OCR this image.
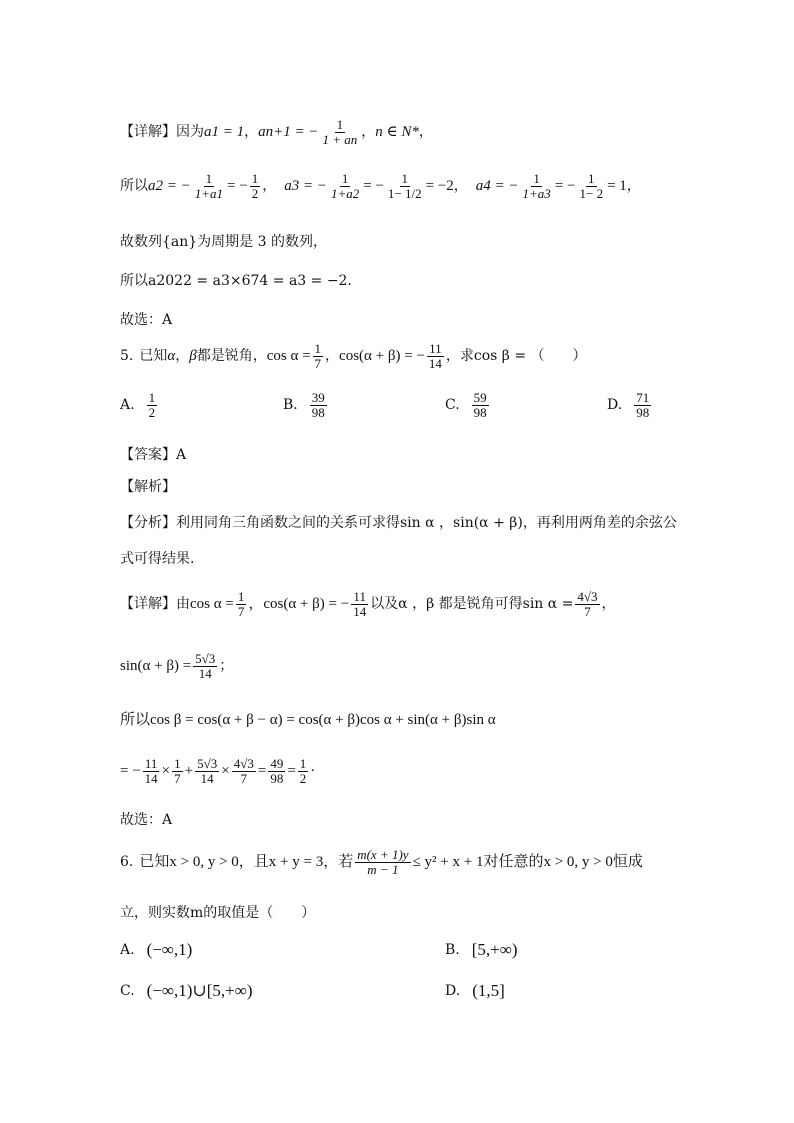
【详解】 因为 a1 = 1 ， an+1 = − $\frac{1}{1 + an}$ ， n ∈ N* ，
所以 a2 = − $\frac{1}{1+a1}$ = − $\frac{1}{2}$ ， a3 = − $\frac{1}{1+a2}$ = − $\frac{1}{1- 1/2} = -2$ ， a4 = − $\frac{1}{1+a3}$ = − $\frac{1}{1- 2} = 1$ ，
故数列{an}为周期是 3 的数列，
所以a2022 = a3×674 = a3 = −2．
故选：A
5. 已知 α ， β 都是锐角， $\cos \alpha = \frac{1}{7}$ ， cos(α + β) = − $\frac{11}{14}$ ，求cos β = （　　）
A. $\frac{1}{2}$	B. $\frac{39}{98}$	C. $\frac{59}{98}$	D. $\frac{71}{98}$
【答案】A
【解析】
【分析】利用同角三角函数之间的关系可求得sin α ，sin(α + β)，再利用两角差的余弦公
式可得结果.
【详解】由 $\cos \alpha = \frac{1}{7}$ ，cos(α + β) = − $\frac{11}{14}$ 以及α ，β 都是锐角可得$\sin \alpha = \frac{4√3}{7}$ ，
$\sin(\alpha + \beta) = \frac{5√3}{14}$ ；
所以cos β = cos(α + β − α) = cos(α + β)cos α + sin(α + β)sin α
= − $\frac{11}{14} \times \frac{1}{7} + \frac{5√3}{14} \times \frac{4√3}{7} = \frac{49}{98} = \frac{1}{2}$ ·
故选：A
6. 已知x > 0, y > 0，且x + y = 3，若 $\frac{m(x + 1)y}{m - 1} \le y^2 + x + 1$对任意的x > 0, y > 0恒成
立，则实数m的取值是（　　）
A. (−∞,1)	B. [5,+∞)
C. (−∞,1)∪[5,+∞)	D. (1,5]
